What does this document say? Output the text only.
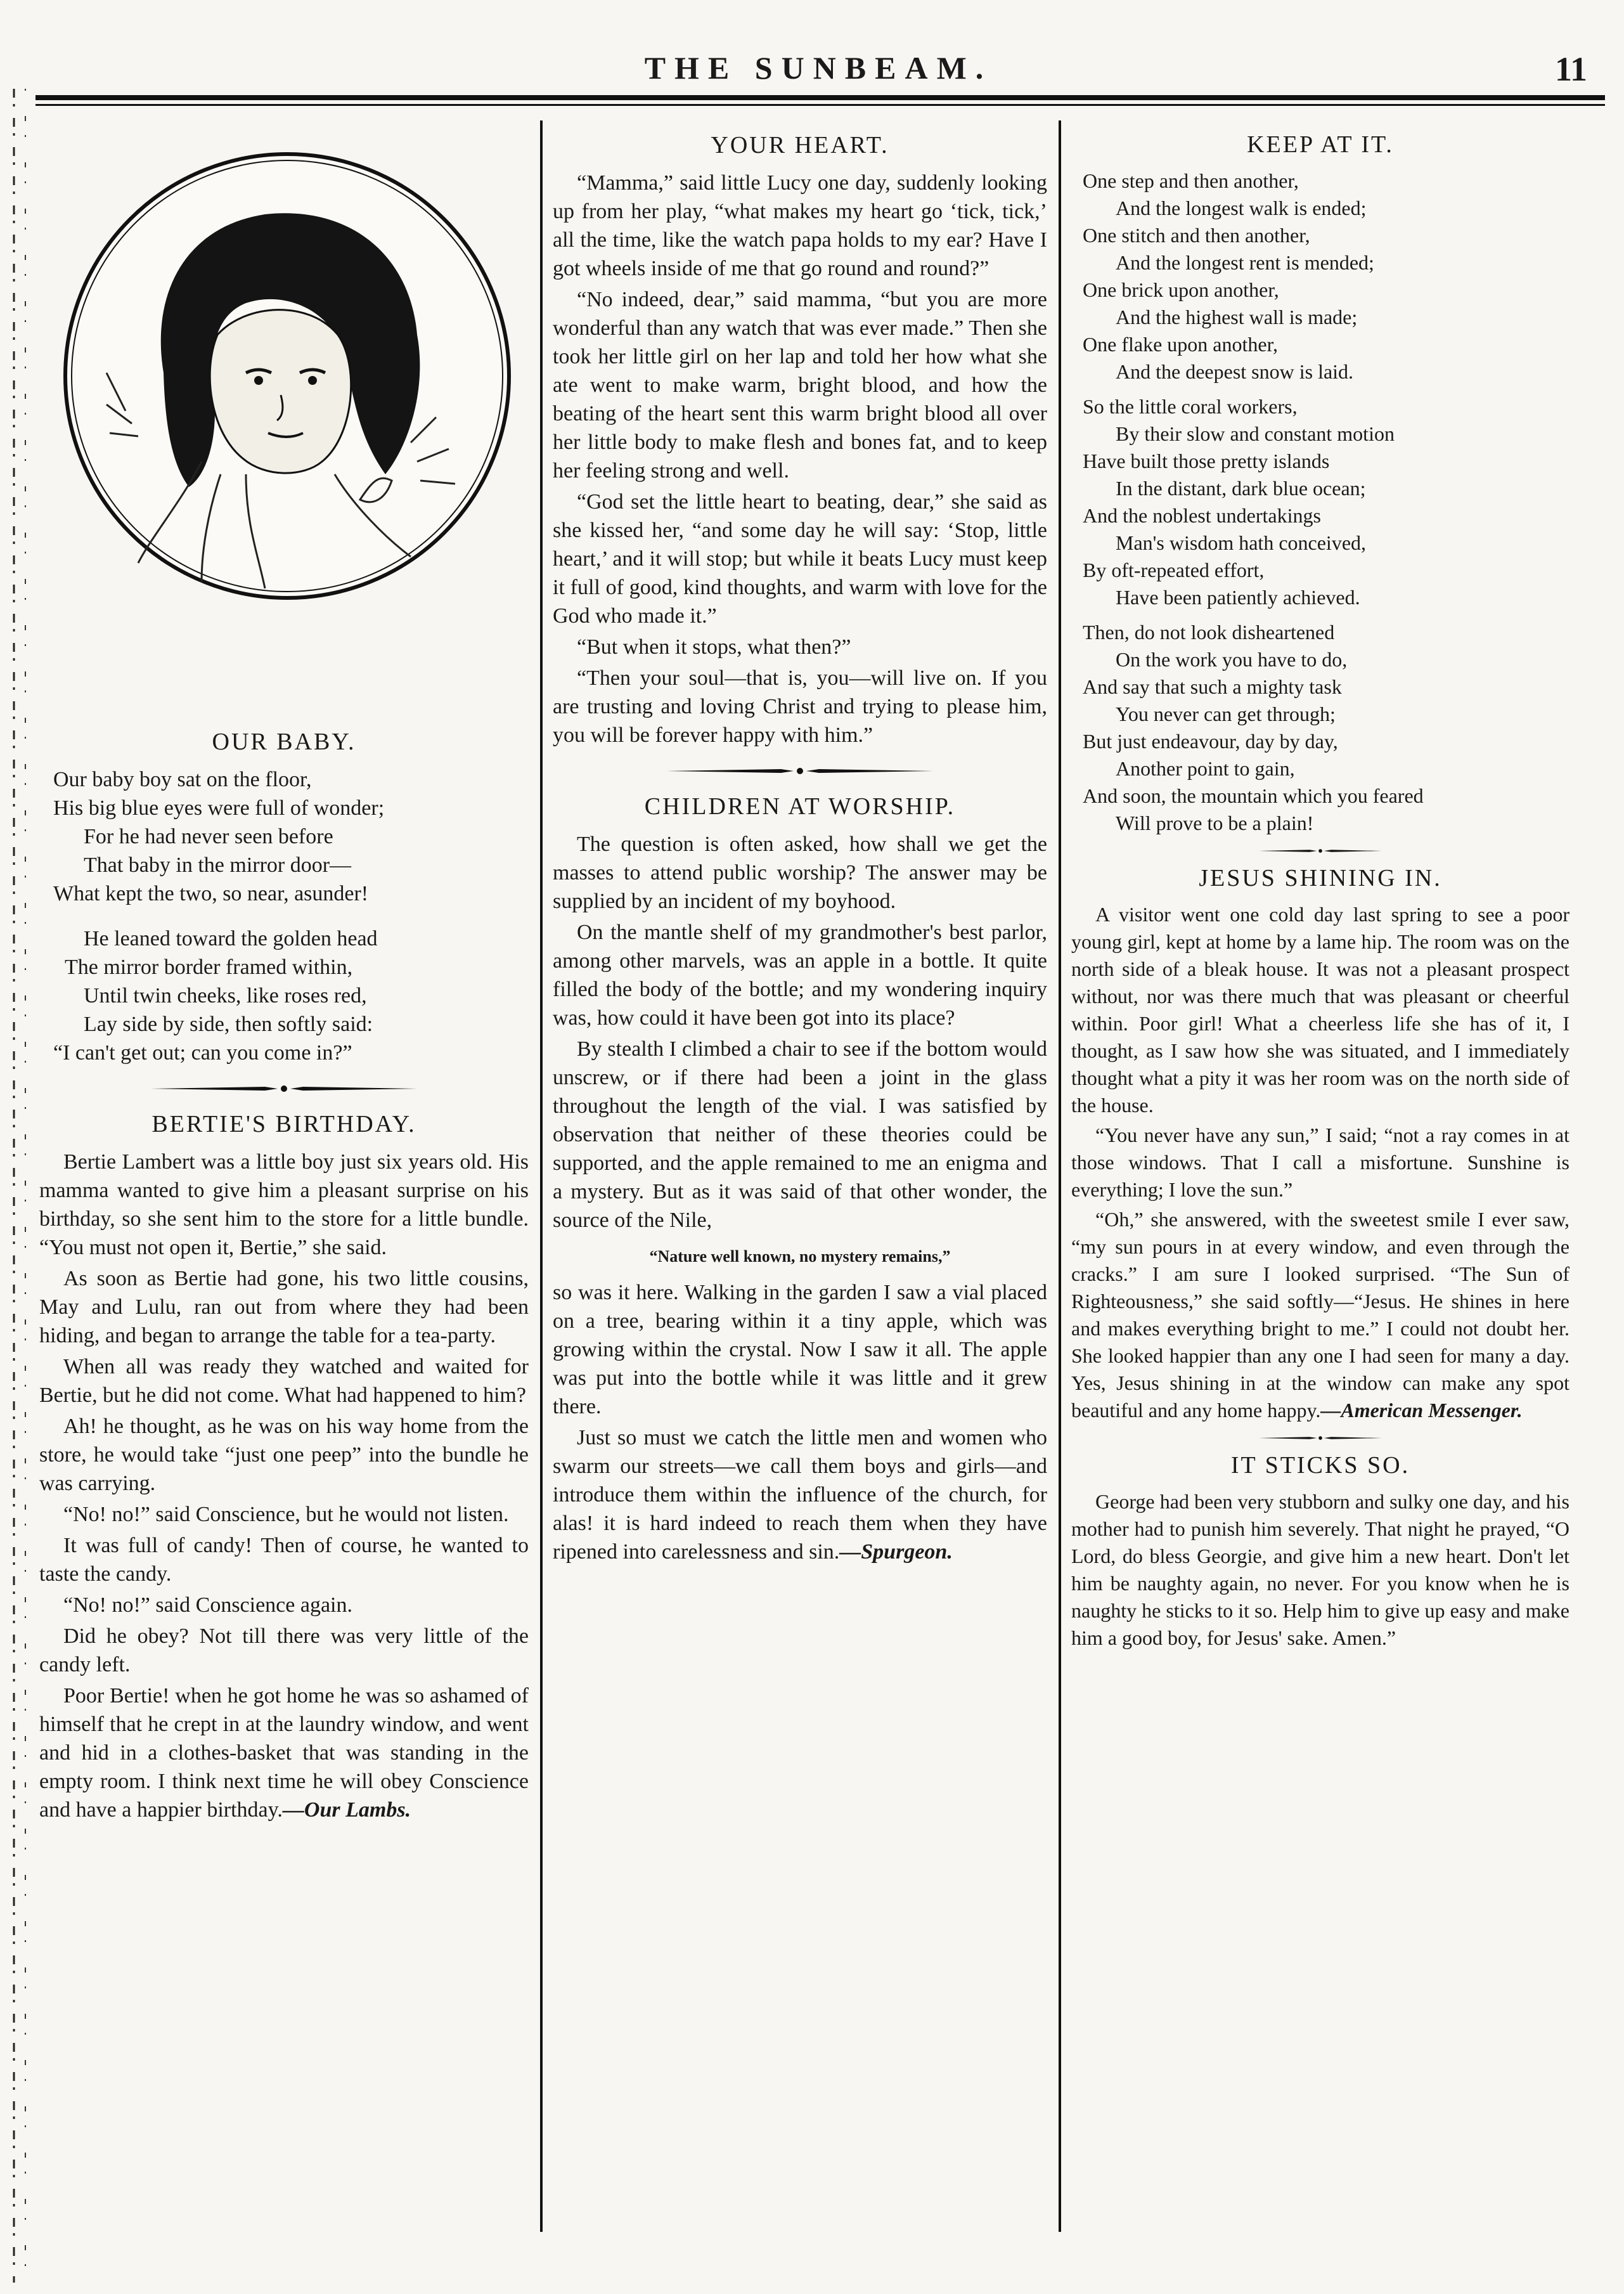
THE SUNBEAM.	11
OUR BABY.
Our baby boy sat on the floor,
His big blue eyes were full of wonder;
For he had never seen before
That baby in the mirror door—
What kept the two, so near, asunder!
He leaned toward the golden head
The mirror border framed within,
Until twin cheeks, like roses red,
Lay side by side, then softly said:
“I can't get out; can you come in?”
BERTIE'S BIRTHDAY.

Bertie Lambert was a little boy just six years old. His mamma wanted to give him a pleasant surprise on his birthday, so she sent him to the store for a little bundle. “You must not open it, Bertie,” she said.

As soon as Bertie had gone, his two little cousins, May and Lulu, ran out from where they had been hiding, and began to arrange the table for a tea-party.

When all was ready they watched and waited for Bertie, but he did not come. What had happened to him?

Ah! he thought, as he was on his way home from the store, he would take “just one peep” into the bundle he was carrying.

“No! no!” said Conscience, but he would not listen.

It was full of candy! Then of course, he wanted to taste the candy.

“No! no!” said Conscience again.

Did he obey? Not till there was very little of the candy left.

Poor Bertie! when he got home he was so ashamed of himself that he crept in at the laundry window, and went and hid in a clothes-basket that was standing in the empty room. I think next time he will obey Conscience and have a happier birthday.—Our Lambs.

YOUR HEART.

“Mamma,” said little Lucy one day, suddenly looking up from her play, “what makes my heart go ‘tick, tick,’ all the time, like the watch papa holds to my ear? Have I got wheels inside of me that go round and round?”

“No indeed, dear,” said mamma, “but you are more wonderful than any watch that was ever made.” Then she took her little girl on her lap and told her how what she ate went to make warm, bright blood, and how the beating of the heart sent this warm bright blood all over her little body to make flesh and bones fat, and to keep her feeling strong and well.

“God set the little heart to beating, dear,” she said as she kissed her, “and some day he will say: ‘Stop, little heart,’ and it will stop; but while it beats Lucy must keep it full of good, kind thoughts, and warm with love for the God who made it.”

“But when it stops, what then?”

“Then your soul—that is, you—will live on. If you are trusting and loving Christ and trying to please him, you will be forever happy with him.”

CHILDREN AT WORSHIP.

The question is often asked, how shall we get the masses to attend public worship? The answer may be supplied by an incident of my boyhood.

On the mantle shelf of my grandmother's best parlor, among other marvels, was an apple in a bottle. It quite filled the body of the bottle; and my wondering inquiry was, how could it have been got into its place?

By stealth I climbed a chair to see if the bottom would unscrew, or if there had been a joint in the glass throughout the length of the vial. I was satisfied by observation that neither of these theories could be supported, and the apple remained to me an enigma and a mystery. But as it was said of that other wonder, the source of the Nile,

“Nature well known, no mystery remains,”

so was it here. Walking in the garden I saw a vial placed on a tree, bearing within it a tiny apple, which was growing within the crystal. Now I saw it all. The apple was put into the bottle while it was little and it grew there.

Just so must we catch the little men and women who swarm our streets—we call them boys and girls—and introduce them within the influence of the church, for alas! it is hard indeed to reach them when they have ripened into carelessness and sin.—Spurgeon.

KEEP AT IT.
One step and then another,
And the longest walk is ended;
One stitch and then another,
And the longest rent is mended;
One brick upon another,
And the highest wall is made;
One flake upon another,
And the deepest snow is laid.
So the little coral workers,
By their slow and constant motion
Have built those pretty islands
In the distant, dark blue ocean;
And the noblest undertakings
Man's wisdom hath conceived,
By oft-repeated effort,
Have been patiently achieved.
Then, do not look disheartened
On the work you have to do,
And say that such a mighty task
You never can get through;
But just endeavour, day by day,
Another point to gain,
And soon, the mountain which you feared
Will prove to be a plain!
JESUS SHINING IN.

A visitor went one cold day last spring to see a poor young girl, kept at home by a lame hip. The room was on the north side of a bleak house. It was not a pleasant prospect without, nor was there much that was pleasant or cheerful within. Poor girl! What a cheerless life she has of it, I thought, as I saw how she was situated, and I immediately thought what a pity it was her room was on the north side of the house.

“You never have any sun,” I said; “not a ray comes in at those windows. That I call a misfortune. Sunshine is everything; I love the sun.”

“Oh,” she answered, with the sweetest smile I ever saw, “my sun pours in at every window, and even through the cracks.” I am sure I looked surprised. “The Sun of Righteousness,” she said softly—“Jesus. He shines in here and makes everything bright to me.” I could not doubt her. She looked happier than any one I had seen for many a day. Yes, Jesus shining in at the window can make any spot beautiful and any home happy.—American Messenger.

IT STICKS SO.

George had been very stubborn and sulky one day, and his mother had to punish him severely. That night he prayed, “O Lord, do bless Georgie, and give him a new heart. Don't let him be naughty again, no never. For you know when he is naughty he sticks to it so. Help him to give up easy and make him a good boy, for Jesus' sake. Amen.”
